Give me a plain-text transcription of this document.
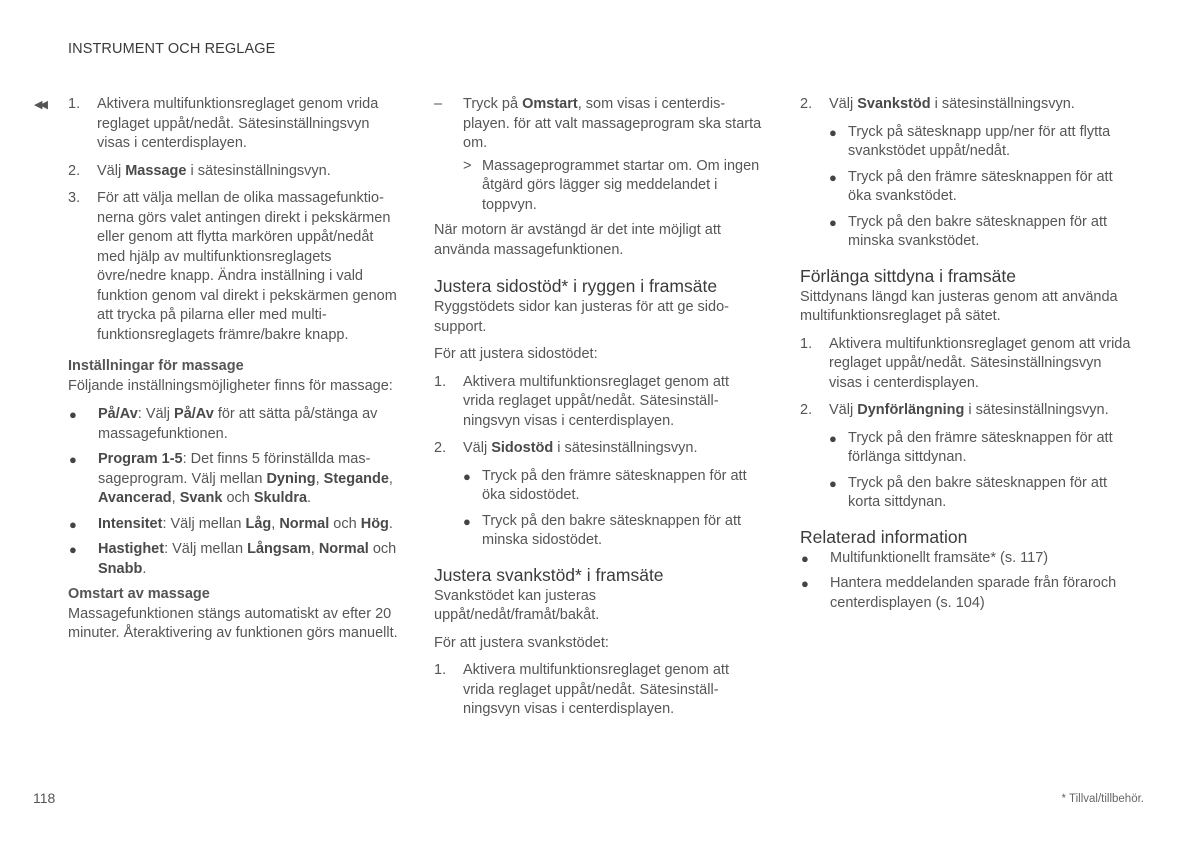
INSTRUMENT OCH REGLAGE
◀◀ 1.	Aktivera multifunktionsreglaget genom vrida reglaget uppåt/nedåt. Sätesinställningsvyn visas i centerdisplayen.
2.	Välj Massage i sätesinställningsvyn.
3.	För att välja mellan de olika massagefunktionerna görs valet antingen direkt i pekskärmen eller genom att flytta markören uppåt/nedåt med hjälp av multifunktionsreglagets övre/nedre knapp. Ändra inställning i vald funktion genom val direkt i pekskärmen genom att trycka på pilarna eller med multifunktionsreglagets främre/bakre knapp.
Inställningar för massage
Följande inställningsmöjligheter finns för massage:
●	På/Av: Välj På/Av för att sätta på/stänga av massagefunktionen.
●	Program 1-5: Det finns 5 förinställda massageprogram. Välj mellan Dyning, Stegande, Avancerad, Svank och Skuldra.
●	Intensitet: Välj mellan Låg, Normal och Hög.
●	Hastighet: Välj mellan Långsam, Normal och Snabb.
Omstart av massage
Massagefunktionen stängs automatiskt av efter 20 minuter. Återaktivering av funktionen görs manuellt.
–	Tryck på Omstart, som visas i centerdisplayen. för att valt massageprogram ska starta om.
> Massageprogrammet startar om. Om ingen åtgärd görs lägger sig meddelandet i toppvyn.
När motorn är avstängd är det inte möjligt att använda massagefunktionen.
Justera sidostöd* i ryggen i framsäte
Ryggstödets sidor kan justeras för att ge sidosupport.
För att justera sidostödet:
1.	Aktivera multifunktionsreglaget genom att vrida reglaget uppåt/nedåt. Sätesinställningsvyn visas i centerdisplayen.
2.	Välj Sidostöd i sätesinställningsvyn.
● Tryck på den främre sätesknappen för att öka sidostödet.
● Tryck på den bakre sätesknappen för att minska sidostödet.
Justera svankstöd* i framsäte
Svankstödet kan justeras uppåt/nedåt/framåt/bakåt.
För att justera svankstödet:
1.	Aktivera multifunktionsreglaget genom att vrida reglaget uppåt/nedåt. Sätesinställningsvyn visas i centerdisplayen.
2.	Välj Svankstöd i sätesinställningsvyn.
● Tryck på sätesknapp upp/ner för att flytta svankstödet uppåt/nedåt.
● Tryck på den främre sätesknappen för att öka svankstödet.
● Tryck på den bakre sätesknappen för att minska svankstödet.
Förlänga sittdyna i framsäte
Sittdynans längd kan justeras genom att använda multifunktionsreglaget på sätet.
1.	Aktivera multifunktionsreglaget genom att vrida reglaget uppåt/nedåt. Sätesinställningsvyn visas i centerdisplayen.
2.	Välj Dynförlängning i sätesinställningsvyn.
● Tryck på den främre sätesknappen för att förlänga sittdynan.
● Tryck på den bakre sätesknappen för att korta sittdynan.
Relaterad information
●	Multifunktionellt framsäte* (s. 117)
●	Hantera meddelanden sparade från föraroch centerdisplayen (s. 104)
118	* Tillval/tillbehör.
